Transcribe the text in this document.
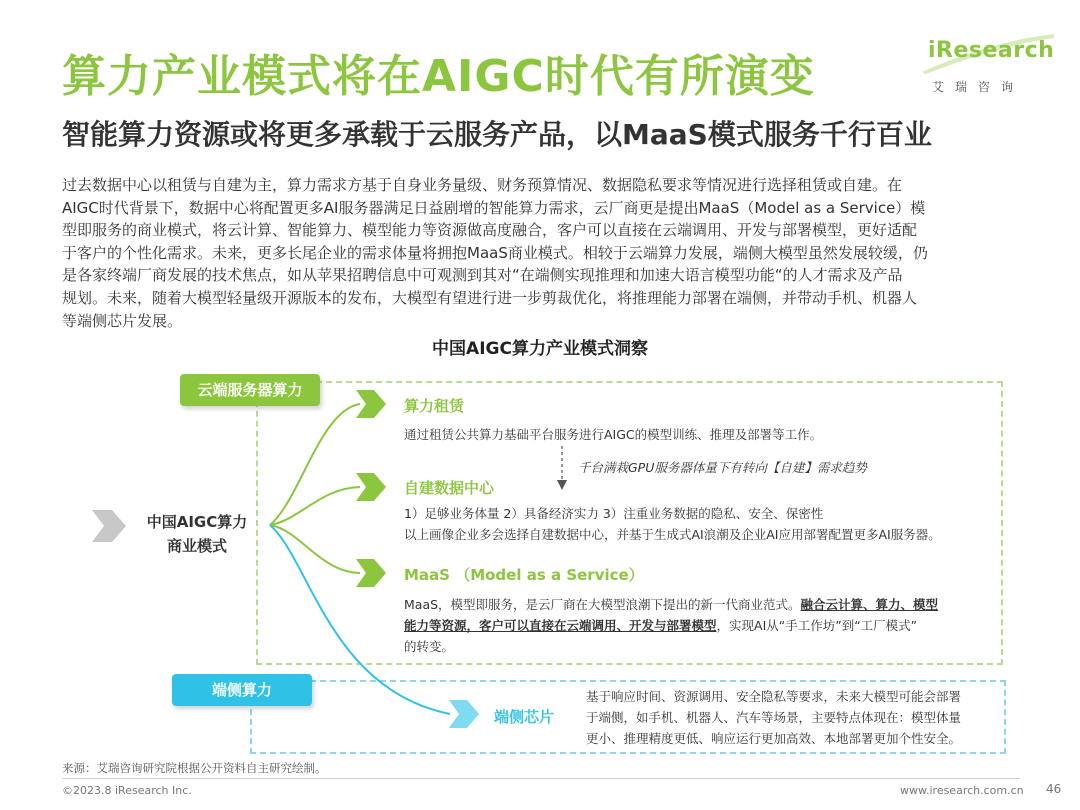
算力产业模式将在AIGC时代有所演变
智能算力资源或将更多承载于云服务产品，以MaaS模式服务千行百业
iResearch
艾瑞咨询

过去数据中心以租赁与自建为主，算力需求方基于自身业务量级、财务预算情况、数据隐私要求等情况进行选择租赁或自建。在

AIGC时代背景下，数据中心将配置更多AI服务器满足日益剧增的智能算力需求，云厂商更是提出MaaS（Model as a Service）模

型即服务的商业模式，将云计算、智能算力、模型能力等资源做高度融合，客户可以直接在云端调用、开发与部署模型，更好适配

于客户的个性化需求。未来，更多长尾企业的需求体量将拥抱MaaS商业模式。相较于云端算力发展，端侧大模型虽然发展较缓，仍

是各家终端厂商发展的技术焦点，如从苹果招聘信息中可观测到其对“在端侧实现推理和加速大语言模型功能“的人才需求及产品

规划。未来，随着大模型轻量级开源版本的发布，大模型有望进行进一步剪裁优化，将推理能力部署在端侧，并带动手机、机器人

等端侧芯片发展。

中国AIGC算力产业模式洞察
云端服务器算力
端侧算力
中国AIGC算力
商业模式
算力租赁
通过租赁公共算力基础平台服务进行AIGC的模型训练、推理及部署等工作。
千台满栽GPU服务器体量下有转向【自建】需求趋势
自建数据中心

1）足够业务体量 2）具备经济实力 3）注重业务数据的隐私、安全、保密性

以上画像企业多会选择自建数据中心，并基于生成式AI浪潮及企业AI应用部署配置更多AI服务器。

MaaS （Model as a Service）

MaaS，模型即服务，是云厂商在大模型浪潮下提出的新一代商业范式。融合云计算、算力、模型

能力等资源，客户可以直接在云端调用、开发与部署模型，实现AI从“手工作坊”到“工厂模式”

的转变。

端侧芯片

基于响应时间、资源调用、安全隐私等要求，未来大模型可能会部署

于端侧，如手机、机器人、汽车等场景，主要特点体现在：模型体量

更小、推理精度更低、响应运行更加高效、本地部署更加个性安全。

来源：艾瑞咨询研究院根据公开资料自主研究绘制。
©2023.8 iResearch Inc.	www.iresearch.com.cn 46
